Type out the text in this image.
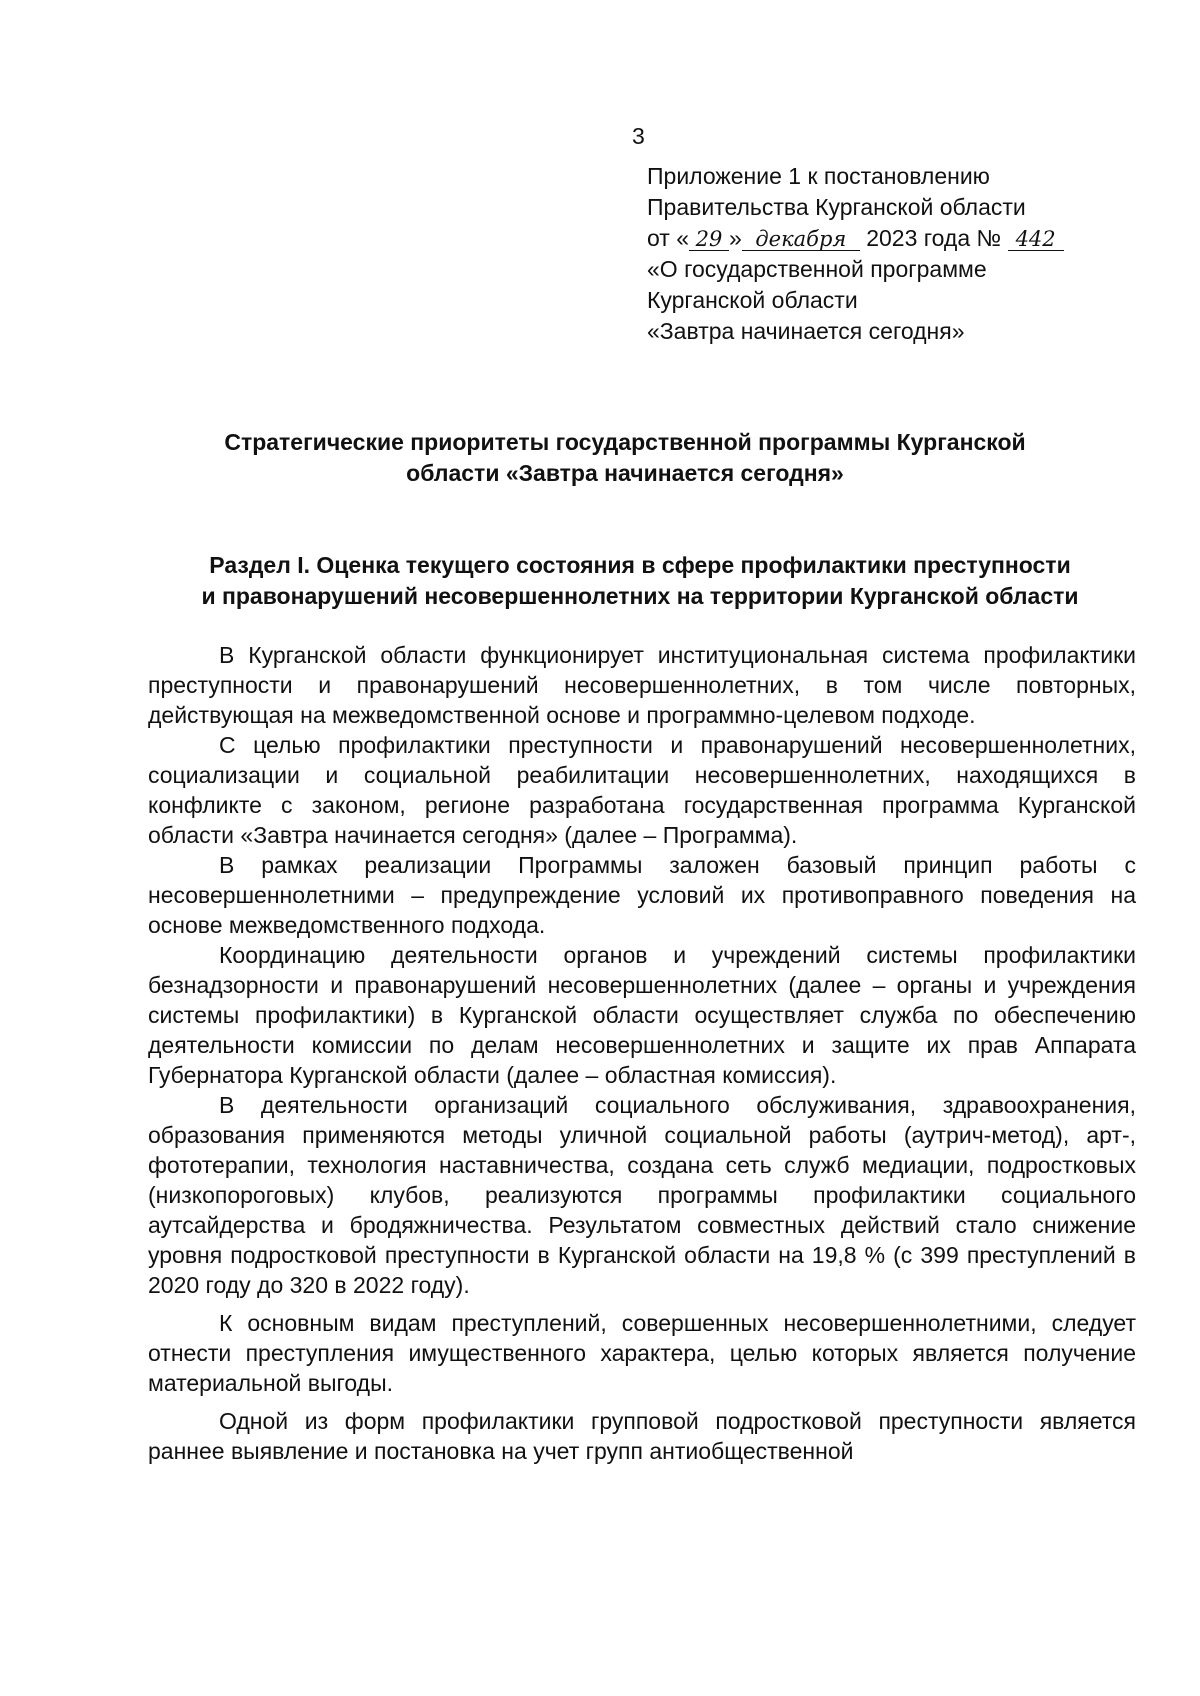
3
Приложение 1 к постановлению
Правительства Курганской области
от « 29 » декабря 2023 года № 442
«О государственной программе
Курганской области
«Завтра начинается сегодня»
Стратегические приоритеты государственной программы Курганской
области «Завтра начинается сегодня»
Раздел I. Оценка текущего состояния в сфере профилактики преступности
и правонарушений несовершеннолетних на территории Курганской области

В Курганской области функционирует институциональная система профилактики преступности и правонарушений несовершеннолетних, в том числе повторных, действующая на межведомственной основе и программно-целевом подходе.

С целью профилактики преступности и правонарушений несовершеннолетних, социализации и социальной реабилитации несовершеннолетних, находящихся в конфликте с законом, регионе разработана государственная программа Курганской области «Завтра начинается сегодня» (далее – Программа).

В рамках реализации Программы заложен базовый принцип работы с несовершеннолетними – предупреждение условий их противоправного поведения на основе межведомственного подхода.

Координацию деятельности органов и учреждений системы профилактики безнадзорности и правонарушений несовершеннолетних (далее – органы и учреждения системы профилактики) в Курганской области осуществляет служба по обеспечению деятельности комиссии по делам несовершеннолетних и защите их прав Аппарата Губернатора Курганской области (далее – областная комиссия).

В деятельности организаций социального обслуживания, здравоохранения, образования применяются методы уличной социальной работы (аутрич-метод), арт-, фототерапии, технология наставничества, создана сеть служб медиации, подростковых (низкопороговых) клубов, реализуются программы профилактики социального аутсайдерства и бродяжничества. Результатом совместных действий стало снижение уровня подростковой преступности в Курганской области на 19,8 % (с 399 преступлений в 2020 году до 320 в 2022 году).

К основным видам преступлений, совершенных несовершеннолетними, следует отнести преступления имущественного характера, целью которых является получение материальной выгоды.

Одной из форм профилактики групповой подростковой преступности является раннее выявление и постановка на учет групп антиобщественной
